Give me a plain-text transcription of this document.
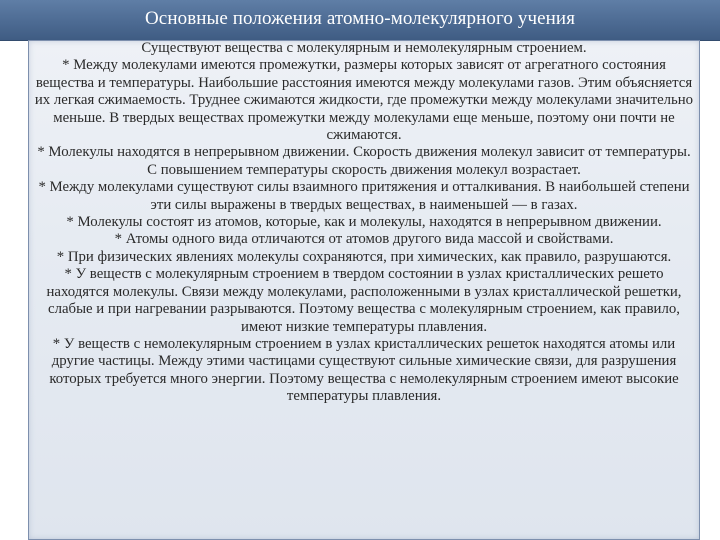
Основные положения атомно-молекулярного учения

Существуют вещества с молекулярным и немолекулярным строением.

* Между молекулами имеются промежутки, размеры которых зависят от агрегатного состояния вещества и температуры. Наибольшие расстояния имеются между молекулами газов. Этим объясняется их легкая сжимаемость. Труднее сжимаются жидкости, где промежутки между молекулами значительно меньше. В твердых веществах промежутки между молекулами еще меньше, поэтому они почти не сжимаются.

* Молекулы находятся в непрерывном движении. Скорость движения молекул зависит от температуры. С повышением температуры скорость движения молекул возрастает.

* Между молекулами существуют силы взаимного притяжения и отталкивания. В наибольшей степени эти силы выражены в твердых веществах, в наименьшей — в газах.

* Молекулы состоят из атомов, которые, как и молекулы, находятся в непрерывном движении.

* Атомы одного вида отличаются от атомов другого вида массой и свойствами.

* При физических явлениях молекулы сохраняются, при химических, как правило, разрушаются.

* У веществ с молекулярным строением в твердом состоянии в узлах кристаллических решето находятся молекулы. Связи между молекулами, расположенными в узлах кристаллической решетки, слабые и при нагревании разрываются. Поэтому вещества с молекулярным строением, как правило, имеют низкие температуры плавления.

* У веществ с немолекулярным строением в узлах кристаллических решеток находятся атомы или другие частицы. Между этими частицами существуют сильные химические связи, для разрушения которых требуется много энергии. Поэтому вещества с немолекулярным строением имеют высокие температуры плавления.
